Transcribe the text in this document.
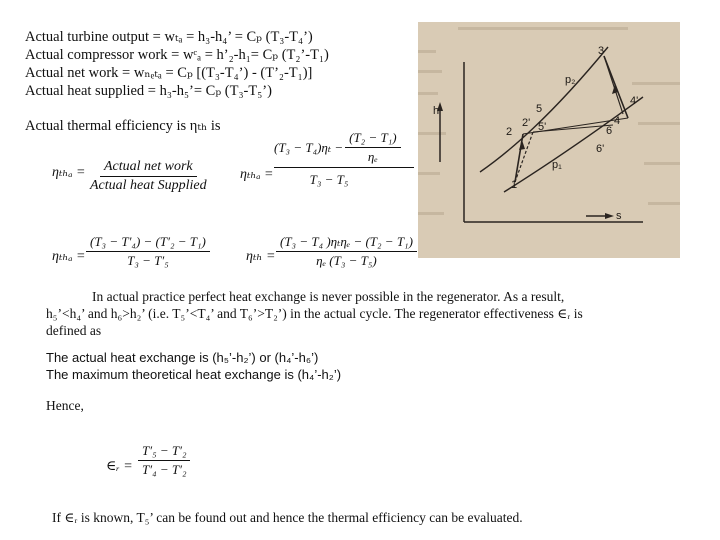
Actual turbine output = wₜₐ = h₃-h₄’ = Cₚ (T₃-T₄’)
Actual compressor work = wᶜₐ = h’₂-h₁= Cₚ (T₂’-T₁)
Actual net work = wₙₑₜₐ = Cₚ [(T₃-T₄’) - (T’₂-T₁)]
Actual heat supplied = h₃-h₅’= Cₚ (T₃-T₅’)
Actual thermal efficiency is ηₜₕ is
$\eta_{tha} = \frac{\text{Actual net work}}{\text{Actual heat Supplied}}$ ηₜₕₐ =
$(T_3 - T_4)\eta_t - \frac{\text{(T₂ − T₁)}}{\text{ηₑ}}$
T₃ − T₅
$\eta_{tha} = \frac{\text{(T₃ − T′₄) − (T′₂ − T₁)}}{\text{T₃ − T′₅}}$	$\eta_{th} = \frac{\text{(T₃ − T₄ )ηₜηₑ − (T₂ − T₁)}}{\text{ηₑ (T₃ − T₅)}}$
h
s
p₂
p₁
1
2
2'
3
4
4'
5
5'	6
6'
In actual practice perfect heat exchange is never possible in the regenerator. As a result,
h₅’<h₄’ and h₆>h₂’ (i.e. T₅’<T₄’ and T₆’>T₂’) in the actual cycle. The regenerator effectiveness ∈ᵣ is
defined as
The actual heat exchange is (h₅’-h₂’) or (h₄’-h₆’)
The maximum theoretical heat exchange is (h₄’-h₂’)
Hence,
∈ᵣ = $\frac{\text{T′₅ − T′₂}}{\text{T′₄ − T′₂}}$
If ∈ᵣ is known, T₅’ can be found out and hence the thermal efficiency can be evaluated.
